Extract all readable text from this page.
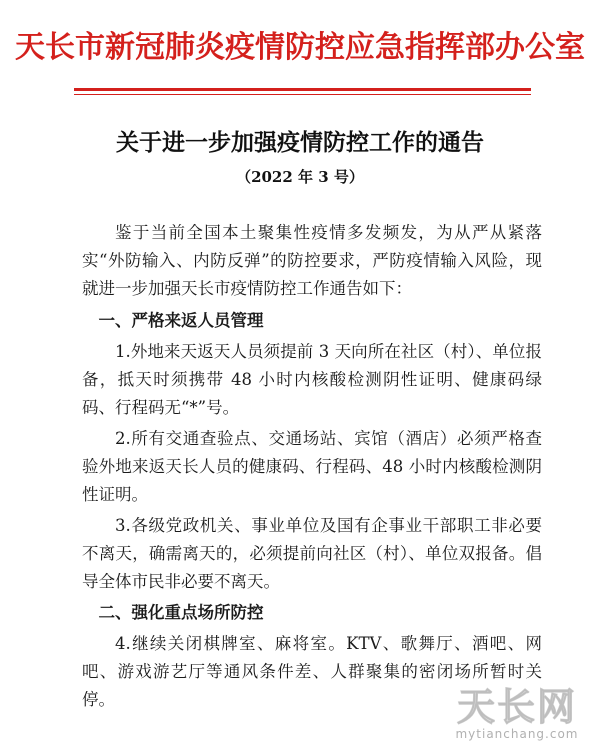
天长市新冠肺炎疫情防控应急指挥部办公室
关于进一步加强疫情防控工作的通告
（2022 年 3 号）

鉴于当前全国本土聚集性疫情多发频发，为从严从紧落实“外防输入、内防反弹”的防控要求，严防疫情输入风险，现就进一步加强天长市疫情防控工作通告如下：

一、严格来返人员管理

1.外地来天返天人员须提前 3 天向所在社区（村）、单位报备，抵天时须携带 48 小时内核酸检测阴性证明、健康码绿码、行程码无“*”号。

2.所有交通查验点、交通场站、宾馆（酒店）必须严格查验外地来返天长人员的健康码、行程码、48 小时内核酸检测阴性证明。

3.各级党政机关、事业单位及国有企事业干部职工非必要不离天，确需离天的，必须提前向社区（村）、单位双报备。倡导全体市民非必要不离天。

二、强化重点场所防控

4.继续关闭棋牌室、麻将室。KTV、歌舞厅、酒吧、网吧、游戏游艺厅等通风条件差、人群聚集的密闭场所暂时关停。	天长网
mytianchang.com
